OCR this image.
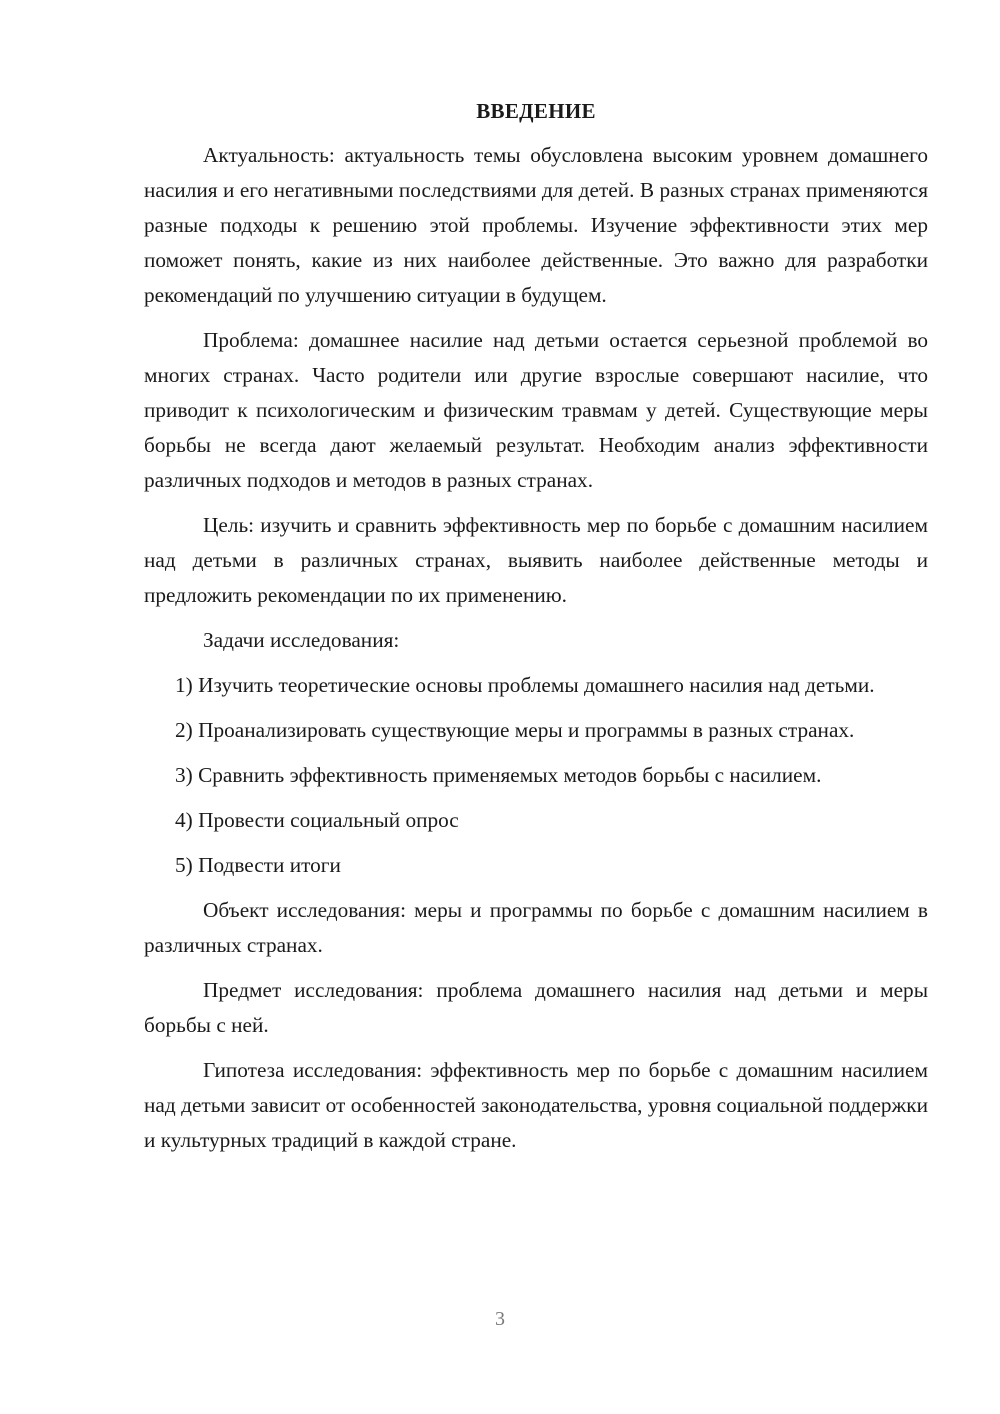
ВВЕДЕНИЕ

Актуальность: актуальность темы обусловлена высоким уровнем домашнего насилия и его негативными последствиями для детей. В разных странах применяются разные подходы к решению этой проблемы. Изучение эффективности этих мер поможет понять, какие из них наиболее действенные. Это важно для разработки рекомендаций по улучшению ситуации в будущем.

Проблема: домашнее насилие над детьми остается серьезной проблемой во многих странах. Часто родители или другие взрослые совершают насилие, что приводит к психологическим и физическим травмам у детей. Существующие меры борьбы не всегда дают желаемый результат. Необходим анализ эффективности различных подходов и методов в разных странах.

Цель: изучить и сравнить эффективность мер по борьбе с домашним насилием над детьми в различных странах, выявить наиболее действенные методы и предложить рекомендации по их применению.

Задачи исследования:

1) Изучить теоретические основы проблемы домашнего насилия над детьми.

2) Проанализировать существующие меры и программы в разных странах.

3) Сравнить эффективность применяемых методов борьбы с насилием.

4) Провести социальный опрос

5) Подвести итоги

Объект исследования: меры и программы по борьбе с домашним насилием в различных странах.

Предмет исследования: проблема домашнего насилия над детьми и меры борьбы с ней.

Гипотеза исследования: эффективность мер по борьбе с домашним насилием над детьми зависит от особенностей законодательства, уровня социальной поддержки и культурных традиций в каждой стране.

3
